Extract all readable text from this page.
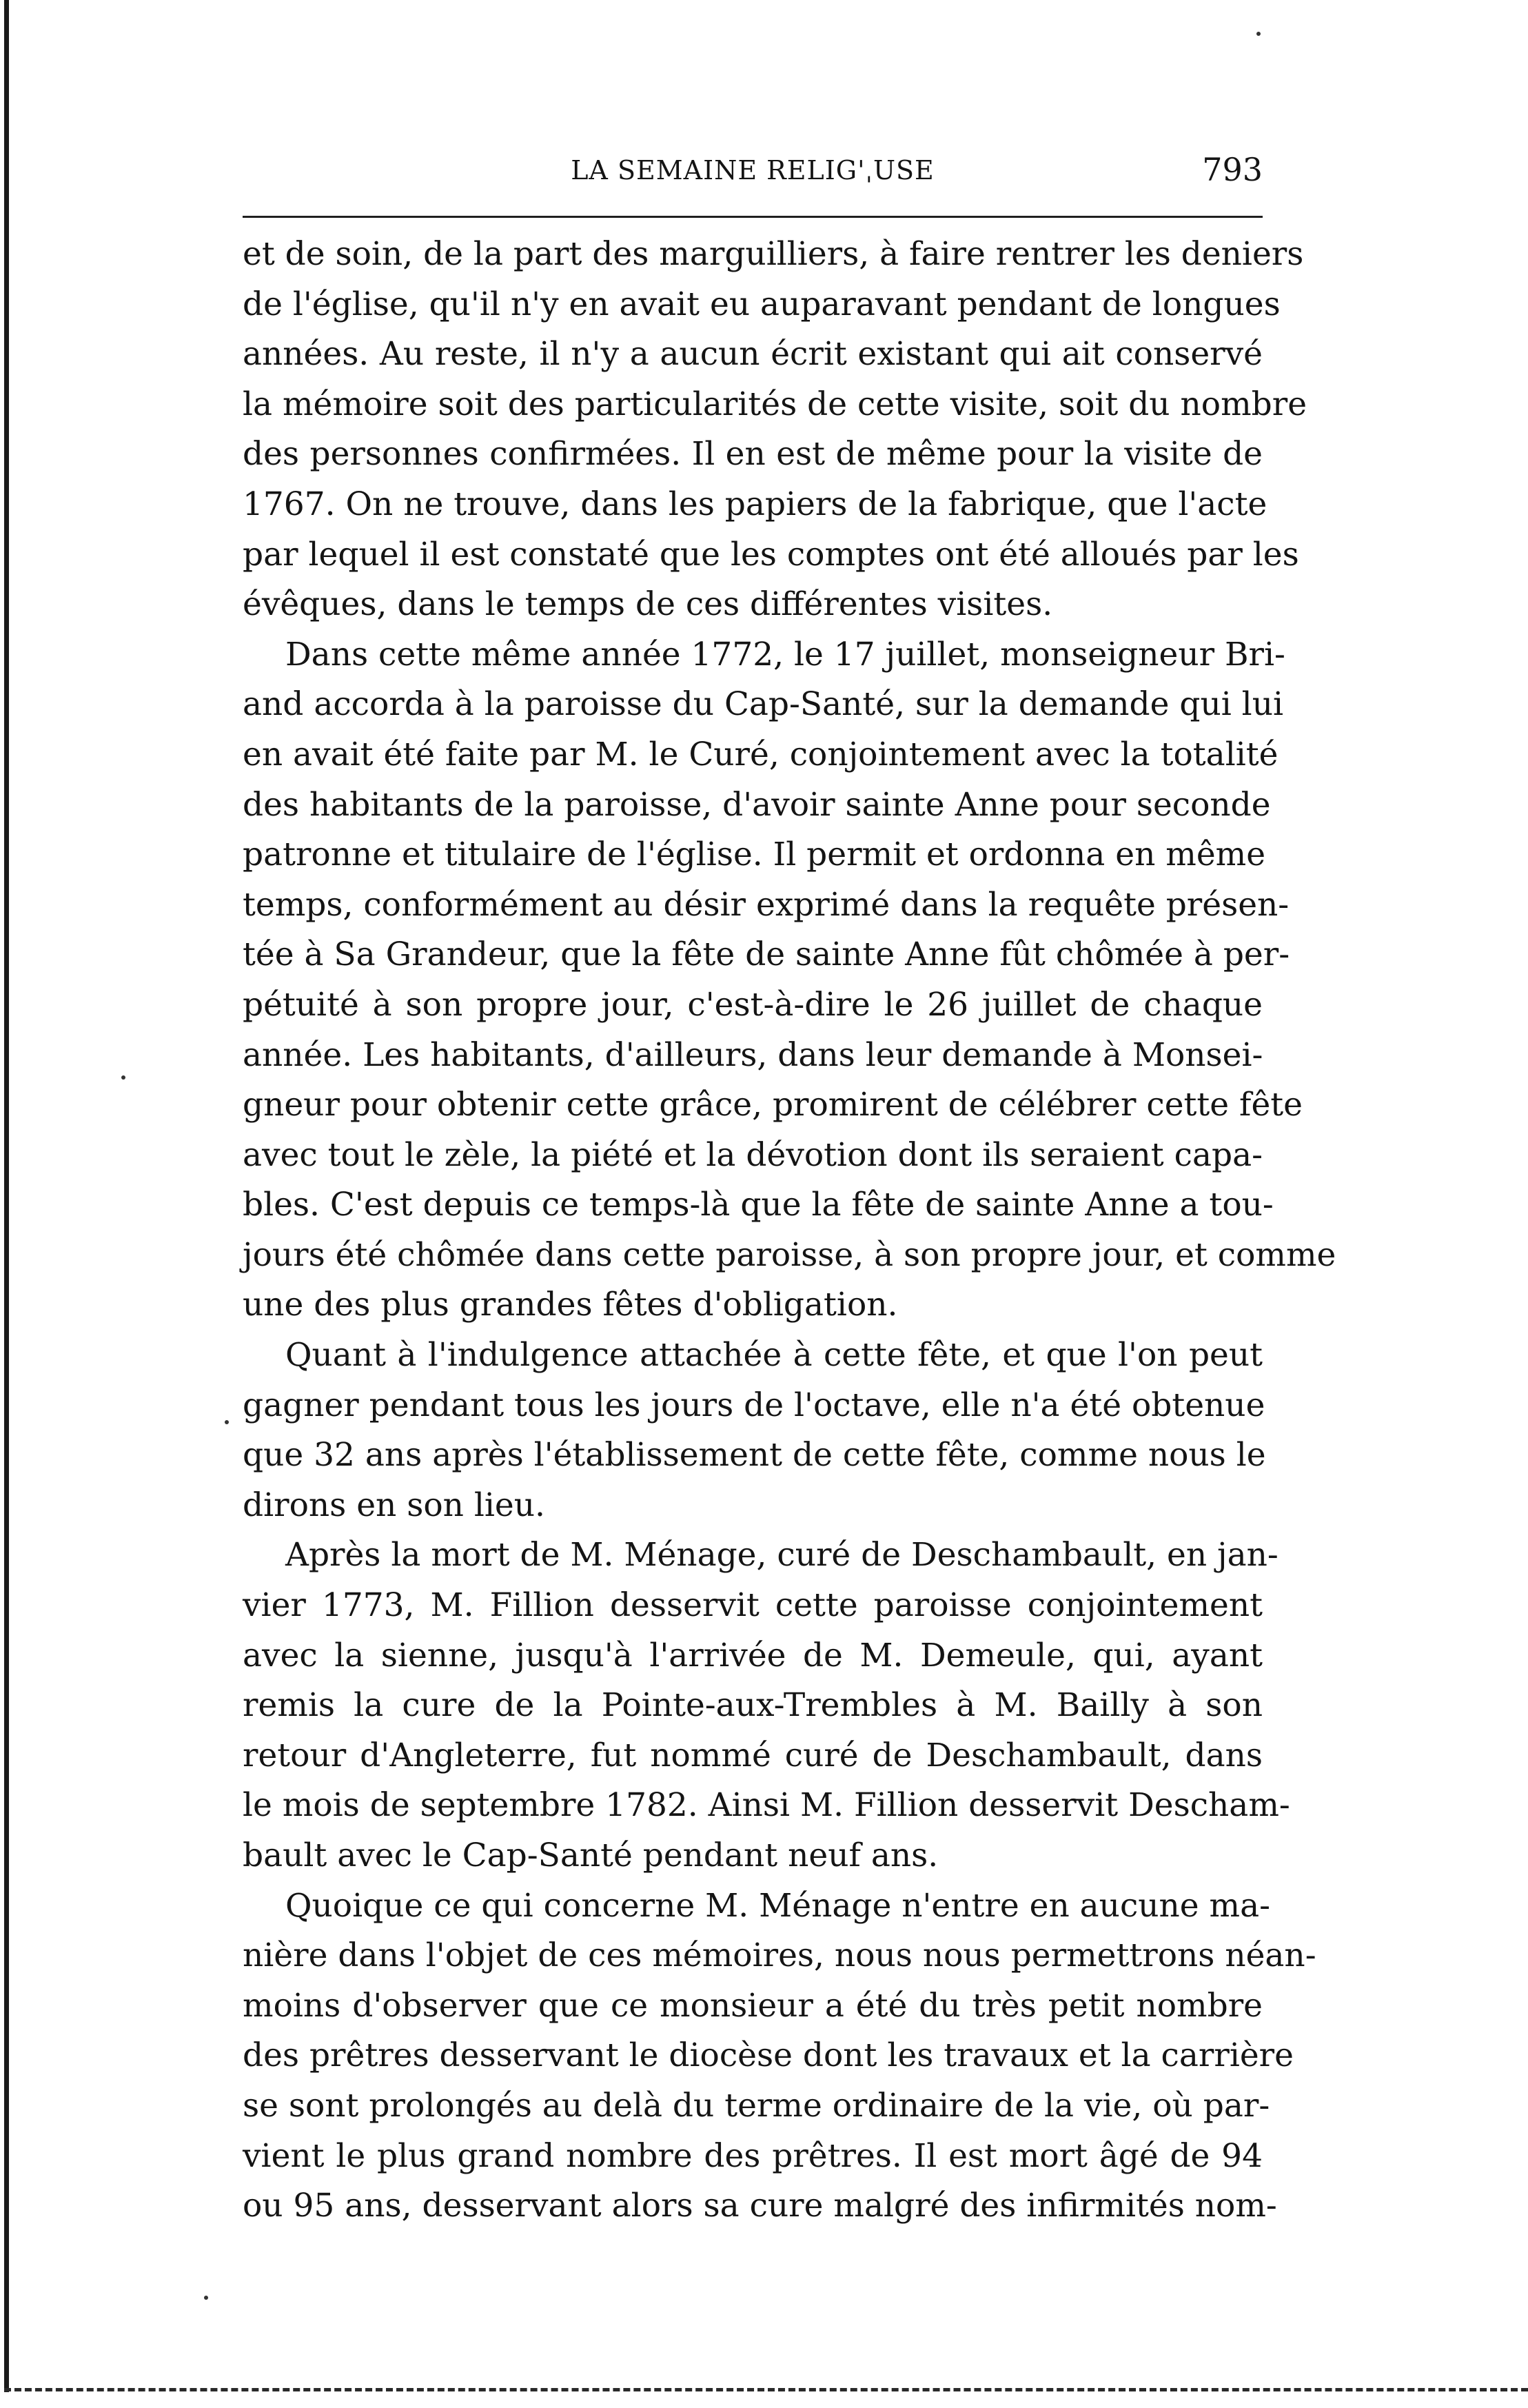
LA SEMAINE RELIG'ˌUSE	793
et de soin, de la part des marguilliers, à faire rentrer les deniers
de l'église, qu'il n'y en avait eu auparavant pendant de longues
années. Au reste, il n'y a aucun écrit existant qui ait conservé
la mémoire soit des particularités de cette visite, soit du nombre
des personnes confirmées. Il en est de même pour la visite de
1767. On ne trouve, dans les papiers de la fabrique, que l'acte
par lequel il est constaté que les comptes ont été alloués par les
évêques, dans le temps de ces différentes visites.
Dans cette même année 1772, le 17 juillet, monseigneur Bri-
and accorda à la paroisse du Cap-Santé, sur la demande qui lui
en avait été faite par M. le Curé, conjointement avec la totalité
des habitants de la paroisse, d'avoir sainte Anne pour seconde
patronne et titulaire de l'église. Il permit et ordonna en même
temps, conformément au désir exprimé dans la requête présen-
tée à Sa Grandeur, que la fête de sainte Anne fût chômée à per-
pétuité à son propre jour, c'est-à-dire le 26 juillet de chaque
année. Les habitants, d'ailleurs, dans leur demande à Monsei-
gneur pour obtenir cette grâce, promirent de célébrer cette fête
avec tout le zèle, la piété et la dévotion dont ils seraient capa-
bles. C'est depuis ce temps-là que la fête de sainte Anne a tou-
jours été chômée dans cette paroisse, à son propre jour, et comme
une des plus grandes fêtes d'obligation.
Quant à l'indulgence attachée à cette fête, et que l'on peut
gagner pendant tous les jours de l'octave, elle n'a été obtenue
que 32 ans après l'établissement de cette fête, comme nous le
dirons en son lieu.
Après la mort de M. Ménage, curé de Deschambault, en jan-
vier 1773, M. Fillion desservit cette paroisse conjointement
avec la sienne, jusqu'à l'arrivée de M. Demeule, qui, ayant
remis la cure de la Pointe-aux-Trembles à M. Bailly à son
retour d'Angleterre, fut nommé curé de Deschambault, dans
le mois de septembre 1782. Ainsi M. Fillion desservit Descham-
bault avec le Cap-Santé pendant neuf ans.
Quoique ce qui concerne M. Ménage n'entre en aucune ma-
nière dans l'objet de ces mémoires, nous nous permettrons néan-
moins d'observer que ce monsieur a été du très petit nombre
des prêtres desservant le diocèse dont les travaux et la carrière
se sont prolongés au delà du terme ordinaire de la vie, où par-
vient le plus grand nombre des prêtres. Il est mort âgé de 94
ou 95 ans, desservant alors sa cure malgré des infirmités nom-
